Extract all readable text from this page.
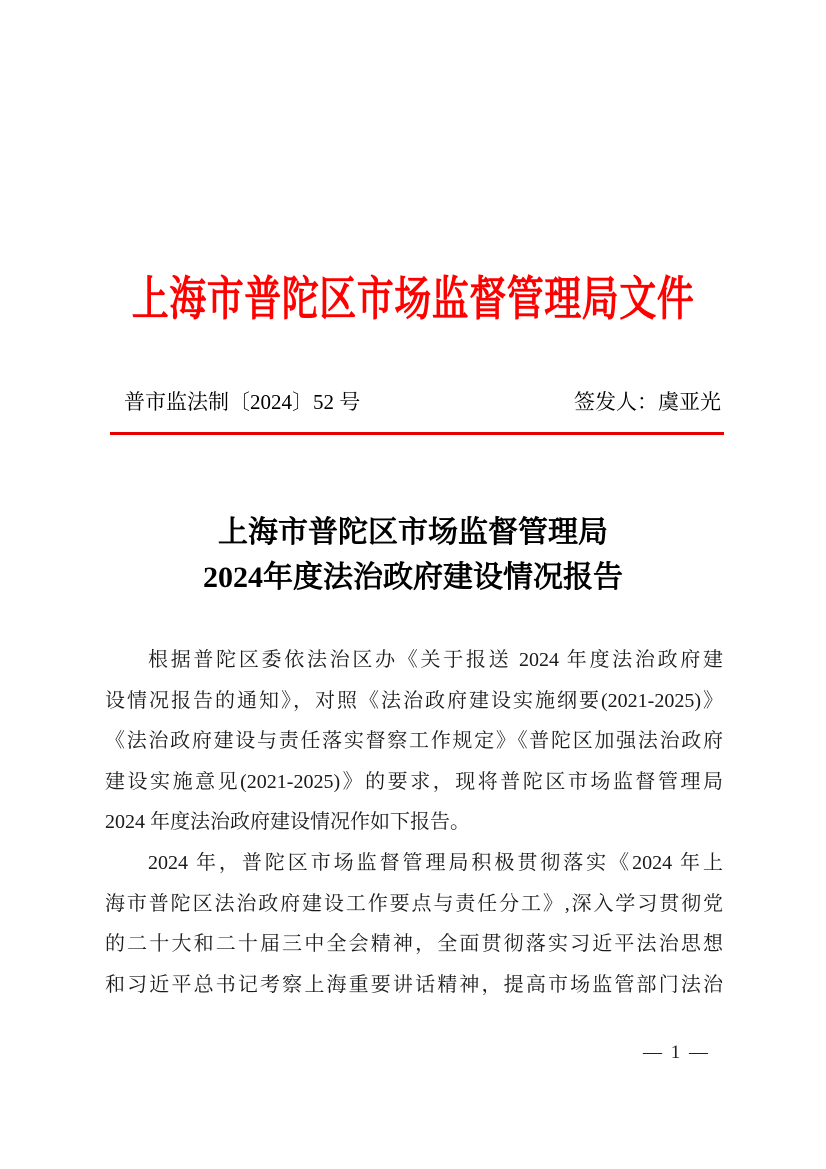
上海市普陀区市场监督管理局文件
普市监法制〔2024〕52 号	签发人：虞亚光
上海市普陀区市场监督管理局
2024年度法治政府建设情况报告
根据普陀区委依法治区办《关于报送 2024 年度法治政府建
设情况报告的通知》，对照《法治政府建设实施纲要(2021-2025)》
《法治政府建设与责任落实督察工作规定》《普陀区加强法治政府
建设实施意见(2021-2025)》的要求，现将普陀区市场监督管理局
2024 年度法治政府建设情况作如下报告。
2024 年，普陀区市场监督管理局积极贯彻落实《2024 年上
海市普陀区法治政府建设工作要点与责任分工》,深入学习贯彻党
的二十大和二十届三中全会精神，全面贯彻落实习近平法治思想
和习近平总书记考察上海重要讲话精神，提高市场监管部门法治
— 1 —
